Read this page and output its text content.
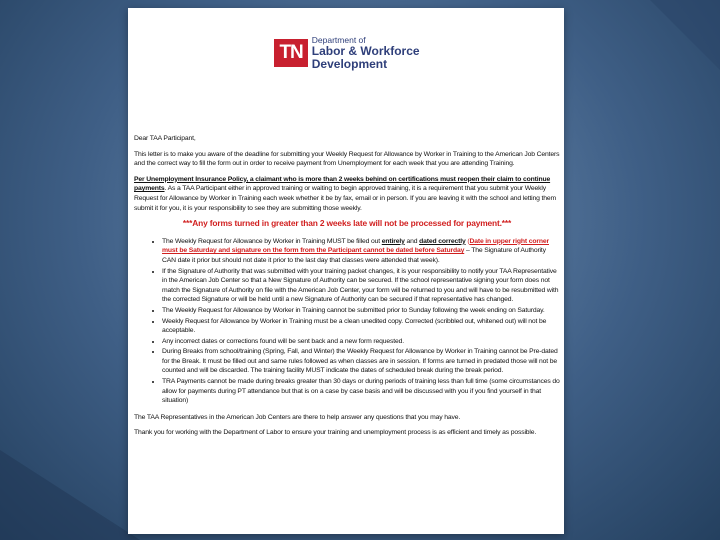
TN
Department of
Labor & Workforce
Development

Dear TAA Participant,

This letter is to make you aware of the deadline for submitting your Weekly Request for Allowance by Worker in Training to the American Job Centers and the correct way to fill the form out in order to receive payment from Unemployment for each week that you are attending Training.

Per Unemployment Insurance Policy, a claimant who is more than 2 weeks behind on certifications must reopen their claim to continue payments. As a TAA Participant either in approved training or waiting to begin approved training, it is a requirement that you submit your Weekly Request for Allowance by Worker in Training each week whether it be by fax, email or in person. If you are leaving it with the school and letting them submit it for you, it is your responsibility to see they are submitting those weekly.

***Any forms turned in greater than 2 weeks late will not be processed for payment.***

• The Weekly Request for Allowance by Worker in Training MUST be filled out entirely and dated correctly (Date in upper right corner must be Saturday and signature on the form from the Participant cannot be dated before Saturday – The Signature of Authority CAN date it prior but should not date it prior to the last day that classes were attended that week).
• If the Signature of Authority that was submitted with your training packet changes, it is your responsibility to notify your TAA Representative in the American Job Center so that a New Signature of Authority can be secured. If the school representative signing your form does not match the Signature of Authority on file with the American Job Center, your form will be returned to you and will have to be resubmitted with the corrected Signature or will be held until a new Signature of Authority can be secured if that representative has changed.
• The Weekly Request for Allowance by Worker in Training cannot be submitted prior to Sunday following the week ending on Saturday.
• Weekly Request for Allowance by Worker in Training must be a clean unedited copy. Corrected (scribbled out, whitened out) will not be acceptable.
• Any incorrect dates or corrections found will be sent back and a new form requested.
• During Breaks from school/training (Spring, Fall, and Winter) the Weekly Request for Allowance by Worker in Training cannot be Pre-dated for the Break. It must be filled out and same rules followed as when classes are in session. If forms are turned in predated those will not be counted and will be discarded. The training facility MUST indicate the dates of scheduled break during the break period.
• TRA Payments cannot be made during breaks greater than 30 days or during periods of training less than full time (some circumstances do allow for payments during PT attendance but that is on a case by case basis and will be discussed with you if you find yourself in that situation)

The TAA Representatives in the American Job Centers are there to help answer any questions that you may have.

Thank you for working with the Department of Labor to ensure your training and unemployment process is as efficient and timely as possible.
